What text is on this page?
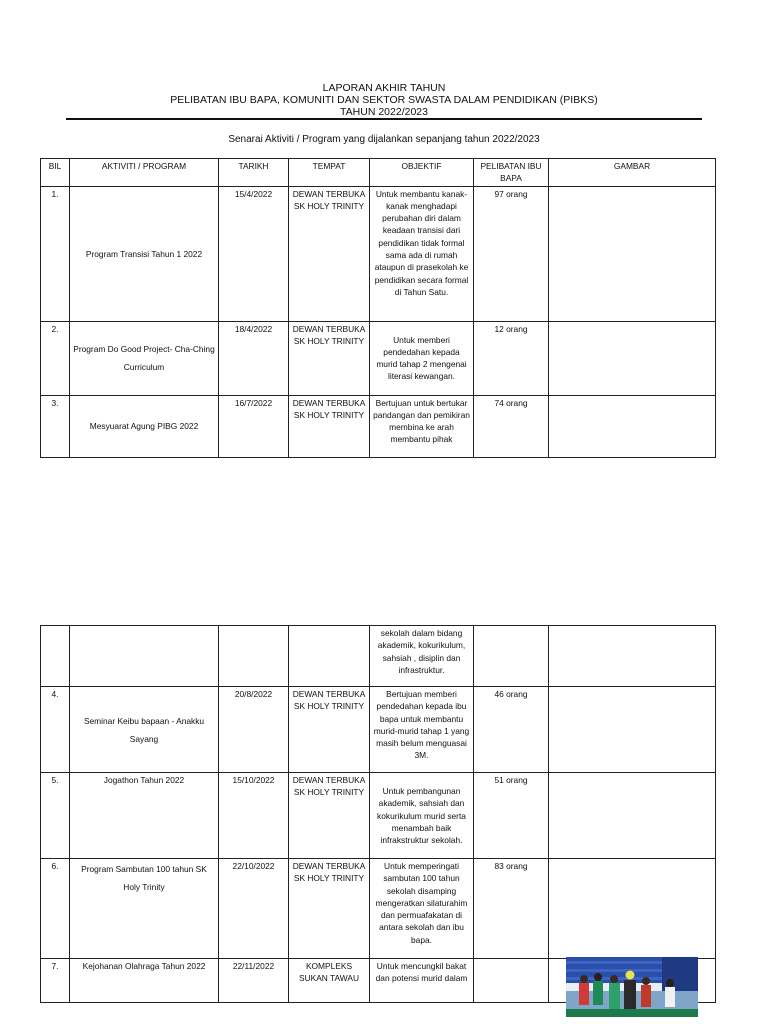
LAPORAN AKHIR TAHUN
PELIBATAN IBU BAPA, KOMUNITI DAN SEKTOR SWASTA DALAM PENDIDIKAN (PIBKS)
TAHUN 2022/2023
Senarai Aktiviti / Program yang dijalankan sepanjang tahun 2022/2023
BIL	AKTIVITI / PROGRAM	TARIKH	TEMPAT	OBJEKTIF	PELIBATAN IBU BAPA	GAMBAR
1.	Program Transisi Tahun 1 2022	15/4/2022	DEWAN TERBUKA SK HOLY TRINITY	Untuk membantu kanak-kanak menghadapi perubahan diri dalam keadaan transisi dari pendidikan tidak formal sama ada di rumah ataupun di prasekolah ke pendidikan secara formal di Tahun Satu.	97 orang	
2.	Program Do Good Project- Cha-Ching Curriculum	18/4/2022	DEWAN TERBUKA SK HOLY TRINITY	Untuk memberi pendedahan kepada murid tahap 2 mengenai literasi kewangan.	12 orang	
3.	Mesyuarat Agung PIBG 2022	16/7/2022	DEWAN TERBUKA SK HOLY TRINITY	Bertujuan untuk bertukar pandangan dan pemikiran membina ke arah membantu pihak	74 orang	
				sekolah dalam bidang akademik, kokurikulum, sahsiah , disiplin dan infrastruktur.		
4.	Seminar Keibu bapaan - Anakku Sayang	20/8/2022	DEWAN TERBUKA SK HOLY TRINITY	Bertujuan memberi pendedahan kepada ibu bapa untuk membantu murid-murid tahap 1 yang masih belum menguasai 3M.	46 orang	
5.	Jogathon Tahun 2022	15/10/2022	DEWAN TERBUKA SK HOLY TRINITY	Untuk pembangunan akademik, sahsiah dan kokurikulum murid serta menambah baik infrakstruktur sekolah.	51 orang	
6.	Program Sambutan 100 tahun SK Holy Trinity	22/10/2022	DEWAN TERBUKA SK HOLY TRINITY	Untuk memperingati sambutan 100 tahun sekolah disamping mengeratkan silaturahim dan permuafakatan di antara sekolah dan ibu bapa.	83 orang	
7.	Kejohanan Olahraga Tahun 2022	22/11/2022	KOMPLEKS SUKAN TAWAU	Untuk mencungkil bakat dan potensi murid dalam		
